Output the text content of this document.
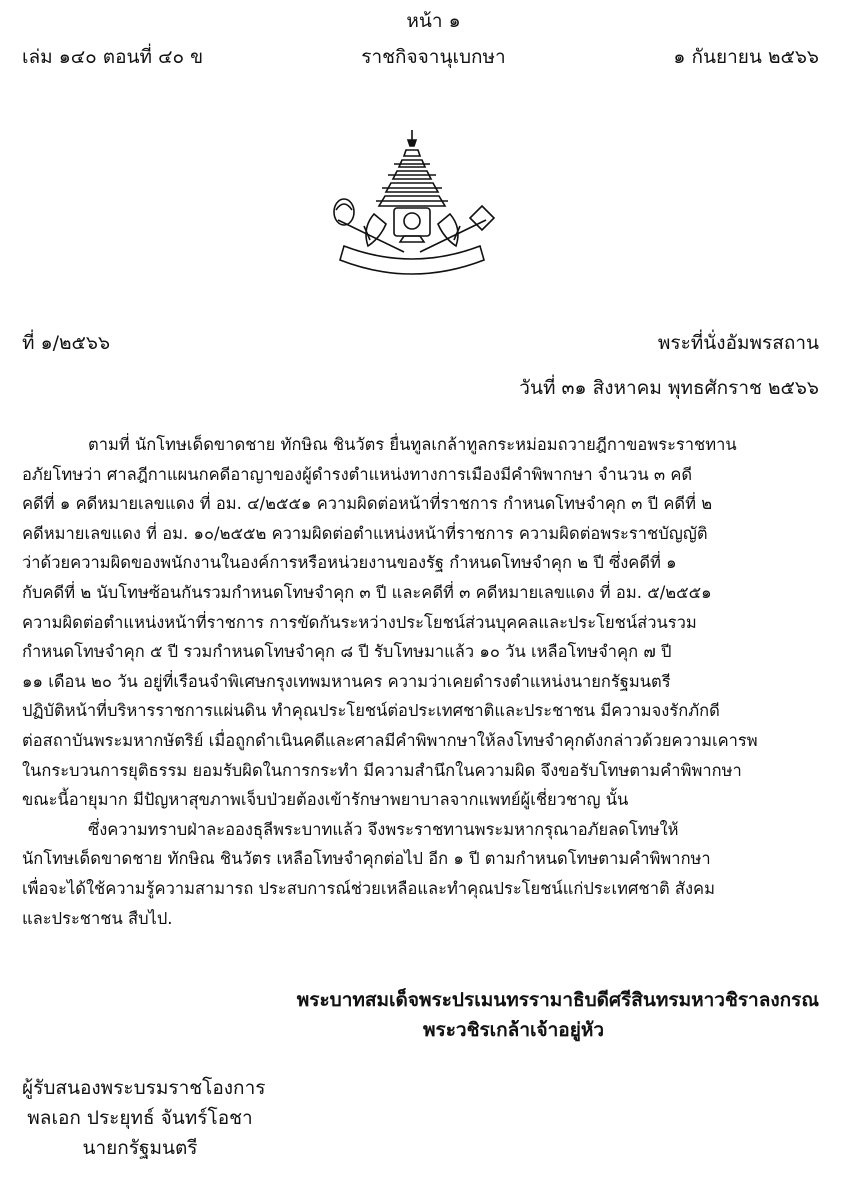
หน้า ๑
เล่ม ๑๔๐ ตอนที่ ๔๐ ข	ราชกิจจานุเบกษา	๑ กันยายน ๒๕๖๖
ที่ ๑/๒๕๖๖	พระที่นั่งอัมพรสถาน
วันที่ ๓๑ สิงหาคม พุทธศักราช ๒๕๖๖

ตามที่ นักโทษเด็ดขาดชาย ทักษิณ ชินวัตร ยื่นทูลเกล้าทูลกระหม่อมถวายฎีกาขอพระราชทาน
อภัยโทษว่า ศาลฎีกาแผนกคดีอาญาของผู้ดำรงตำแหน่งทางการเมืองมีคำพิพากษา จำนวน ๓ คดี
คดีที่ ๑ คดีหมายเลขแดง ที่ อม. ๔/๒๕๕๑ ความผิดต่อหน้าที่ราชการ กำหนดโทษจำคุก ๓ ปี คดีที่ ๒
คดีหมายเลขแดง ที่ อม. ๑๐/๒๕๕๒ ความผิดต่อตำแหน่งหน้าที่ราชการ ความผิดต่อพระราชบัญญัติ
ว่าด้วยความผิดของพนักงานในองค์การหรือหน่วยงานของรัฐ กำหนดโทษจำคุก ๒ ปี ซึ่งคดีที่ ๑
กับคดีที่ ๒ นับโทษซ้อนกันรวมกำหนดโทษจำคุก ๓ ปี และคดีที่ ๓ คดีหมายเลขแดง ที่ อม. ๕/๒๕๕๑
ความผิดต่อตำแหน่งหน้าที่ราชการ การขัดกันระหว่างประโยชน์ส่วนบุคคลและประโยชน์ส่วนรวม
กำหนดโทษจำคุก ๕ ปี รวมกำหนดโทษจำคุก ๘ ปี รับโทษมาแล้ว ๑๐ วัน เหลือโทษจำคุก ๗ ปี
๑๑ เดือน ๒๐ วัน อยู่ที่เรือนจำพิเศษกรุงเทพมหานคร ความว่าเคยดำรงตำแหน่งนายกรัฐมนตรี
ปฏิบัติหน้าที่บริหารราชการแผ่นดิน ทำคุณประโยชน์ต่อประเทศชาติและประชาชน มีความจงรักภักดี
ต่อสถาบันพระมหากษัตริย์ เมื่อถูกดำเนินคดีและศาลมีคำพิพากษาให้ลงโทษจำคุกดังกล่าวด้วยความเคารพ
ในกระบวนการยุติธรรม ยอมรับผิดในการกระทำ มีความสำนึกในความผิด จึงขอรับโทษตามคำพิพากษา
ขณะนี้อายุมาก มีปัญหาสุขภาพเจ็บป่วยต้องเข้ารักษาพยาบาลจากแพทย์ผู้เชี่ยวชาญ นั้น

ซึ่งความทราบฝ่าละอองธุลีพระบาทแล้ว จึงพระราชทานพระมหากรุณาอภัยลดโทษให้
นักโทษเด็ดขาดชาย ทักษิณ ชินวัตร เหลือโทษจำคุกต่อไป อีก ๑ ปี ตามกำหนดโทษตามคำพิพากษา
เพื่อจะได้ใช้ความรู้ความสามารถ ประสบการณ์ช่วยเหลือและทำคุณประโยชน์แก่ประเทศชาติ สังคม
และประชาชน สืบไป.

พระบาทสมเด็จพระปรเมนทรรามาธิบดีศรีสินทรมหาวชิราลงกรณ
พระวชิรเกล้าเจ้าอยู่หัว
ผู้รับสนองพระบรมราชโองการ
พลเอก ประยุทธ์ จันทร์โอชา
นายกรัฐมนตรี
